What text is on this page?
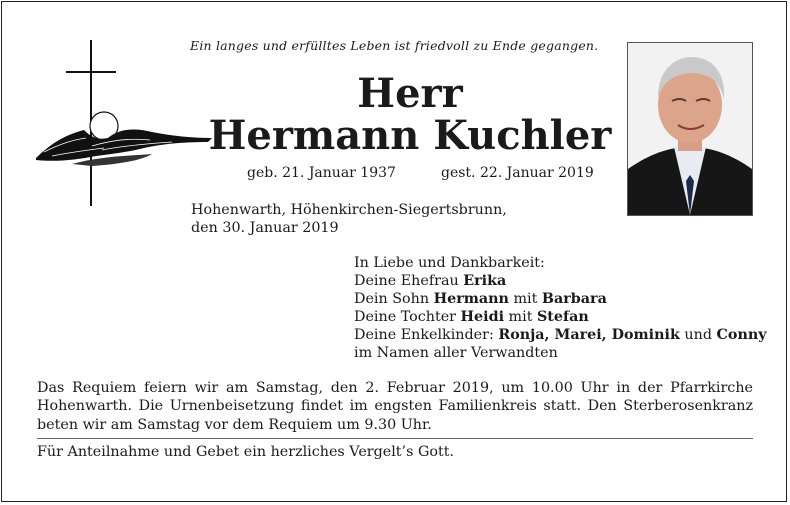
Ein langes und erfülltes Leben ist friedvoll zu Ende gegangen.
Herr
Hermann Kuchler
geb. 21. Januar 1937	gest. 22. Januar 2019
Hohenwarth, Höhenkirchen-Siegertsbrunn,
den 30. Januar 2019
In Liebe und Dankbarkeit:
Deine Ehefrau Erika
Dein Sohn Hermann mit Barbara
Deine Tochter Heidi mit Stefan
Deine Enkelkinder: Ronja, Marei, Dominik und Conny
im Namen aller Verwandten
Das Requiem feiern wir am Samstag, den 2. Februar 2019, um 10.00 Uhr in der Pfarrkirche Hohenwarth. Die Urnenbeisetzung findet im engsten Familienkreis statt. Den Sterberosenkranz beten wir am Samstag vor dem Requiem um 9.30 Uhr.
Für Anteilnahme und Gebet ein herzliches Vergelt’s Gott.
